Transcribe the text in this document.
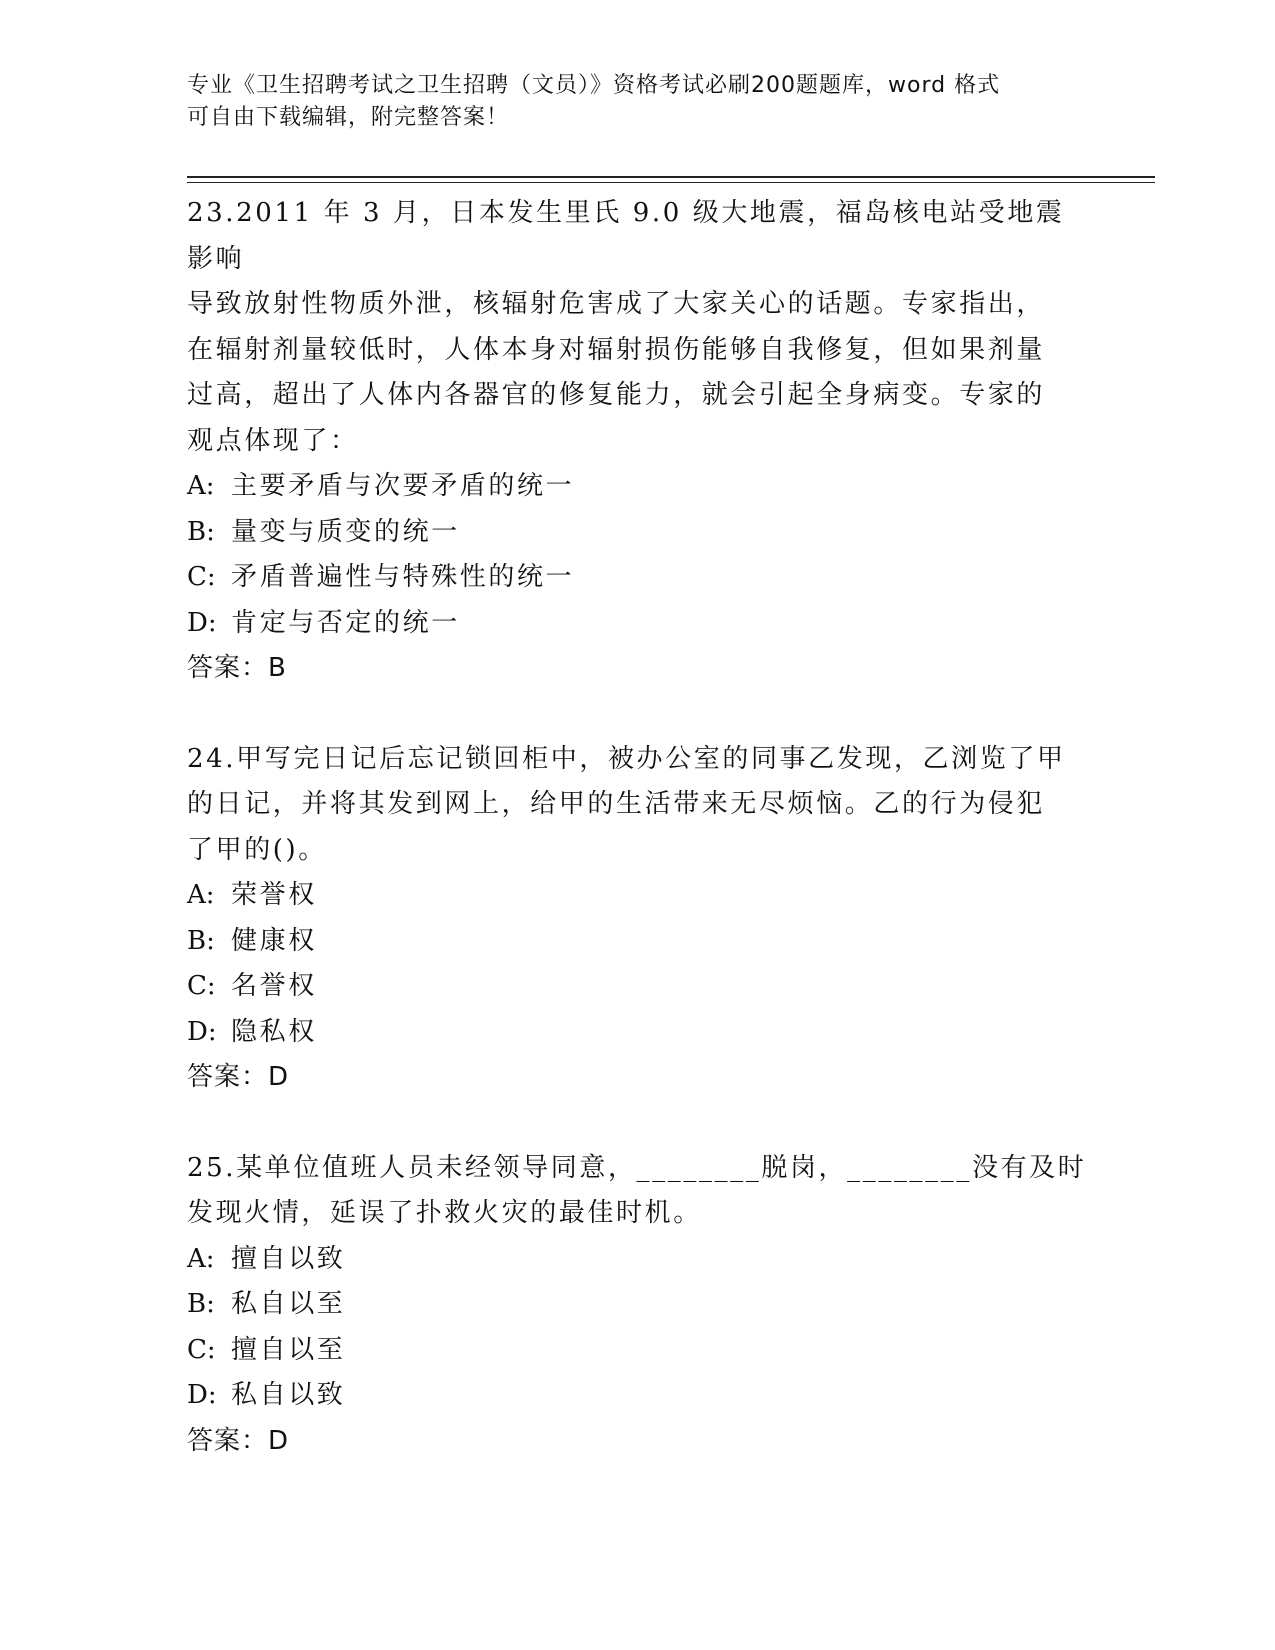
专业《卫生招聘考试之卫生招聘（文员）》资格考试必刷200题题库，word 格式

可自由下载编辑，附完整答案！

23.2011 年 3 月，日本发生里氏 9.0 级大地震，福岛核电站受地震影响

导致放射性物质外泄，核辐射危害成了大家关心的话题。专家指出，

在辐射剂量较低时，人体本身对辐射损伤能够自我修复，但如果剂量

过高，超出了人体内各器官的修复能力，就会引起全身病变。专家的

观点体现了：

A: 主要矛盾与次要矛盾的统一

B: 量变与质变的统一

C: 矛盾普遍性与特殊性的统一

D: 肯定与否定的统一

答案：B

24.甲写完日记后忘记锁回柜中，被办公室的同事乙发现，乙浏览了甲

的日记，并将其发到网上，给甲的生活带来无尽烦恼。乙的行为侵犯

了甲的()。

A: 荣誉权

B: 健康权

C: 名誉权

D: 隐私权

答案：D

25.某单位值班人员未经领导同意，________脱岗，________没有及时

发现火情，延误了扑救火灾的最佳时机。

A: 擅自以致

B: 私自以至

C: 擅自以至

D: 私自以致

答案：D
